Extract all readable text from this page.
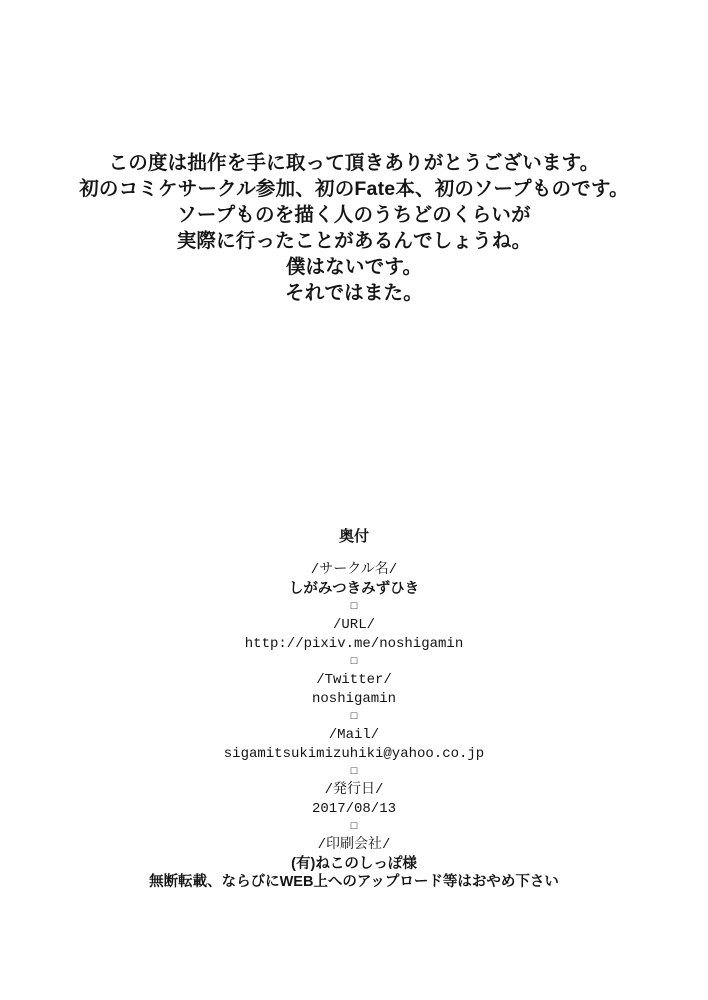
この度は拙作を手に取って頂きありがとうございます。
初のコミケサークル参加、初のFate本、初のソープものです。
ソープものを描く人のうちどのくらいが
実際に行ったことがあるんでしょうね。
僕はないです。
それではまた。
奥付
/サークル名/
しがみつきみずひき
□
/URL/
http://pixiv.me/noshigamin
□
/Twitter/
noshigamin
□
/Mail/
sigamitsukimizuhiki@yahoo.co.jp
□
/発行日/
2017/08/13
□
/印刷会社/
(有)ねこのしっぽ様
無断転載、ならびにWEB上へのアップロード等はおやめ下さい
